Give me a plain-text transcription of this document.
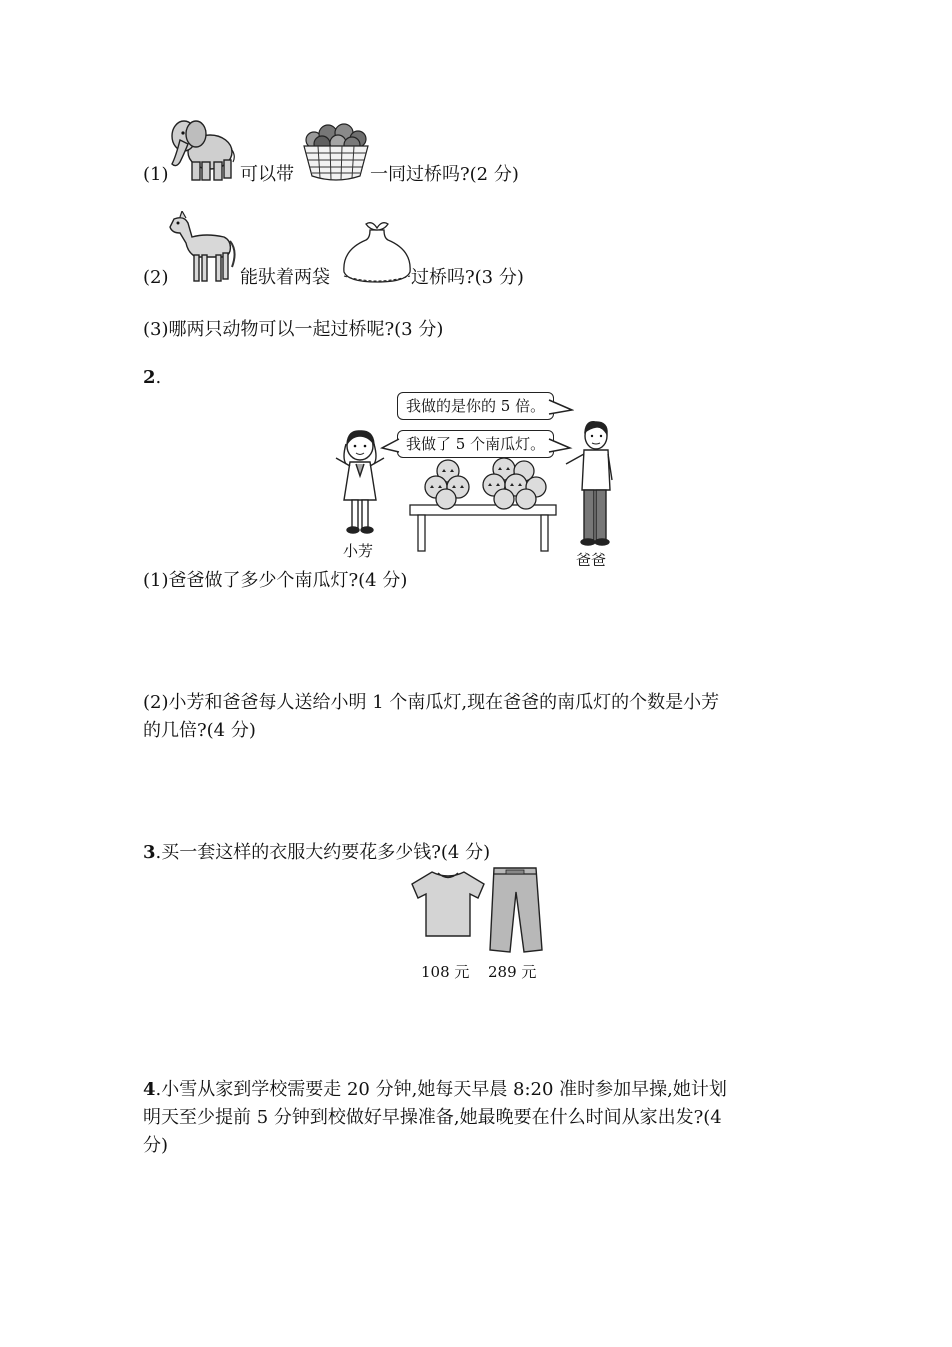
(1)	可以带	一同过桥吗?(2 分)
(2)	能驮着两袋	过桥吗?(3 分)
(3)哪两只动物可以一起过桥呢?(3 分)
2.
我做的是你的 5 倍。
我做了 5 个南瓜灯。
小芳	爸爸
(1)爸爸做了多少个南瓜灯?(4 分)
(2)小芳和爸爸每人送给小明 1 个南瓜灯,现在爸爸的南瓜灯的个数是小芳
的几倍?(4 分)
3.买一套这样的衣服大约要花多少钱?(4 分)
108 元 289 元
4.小雪从家到学校需要走 20 分钟,她每天早晨 8:20 准时参加早操,她计划
明天至少提前 5 分钟到校做好早操准备,她最晚要在什么时间从家出发?(4
分)
